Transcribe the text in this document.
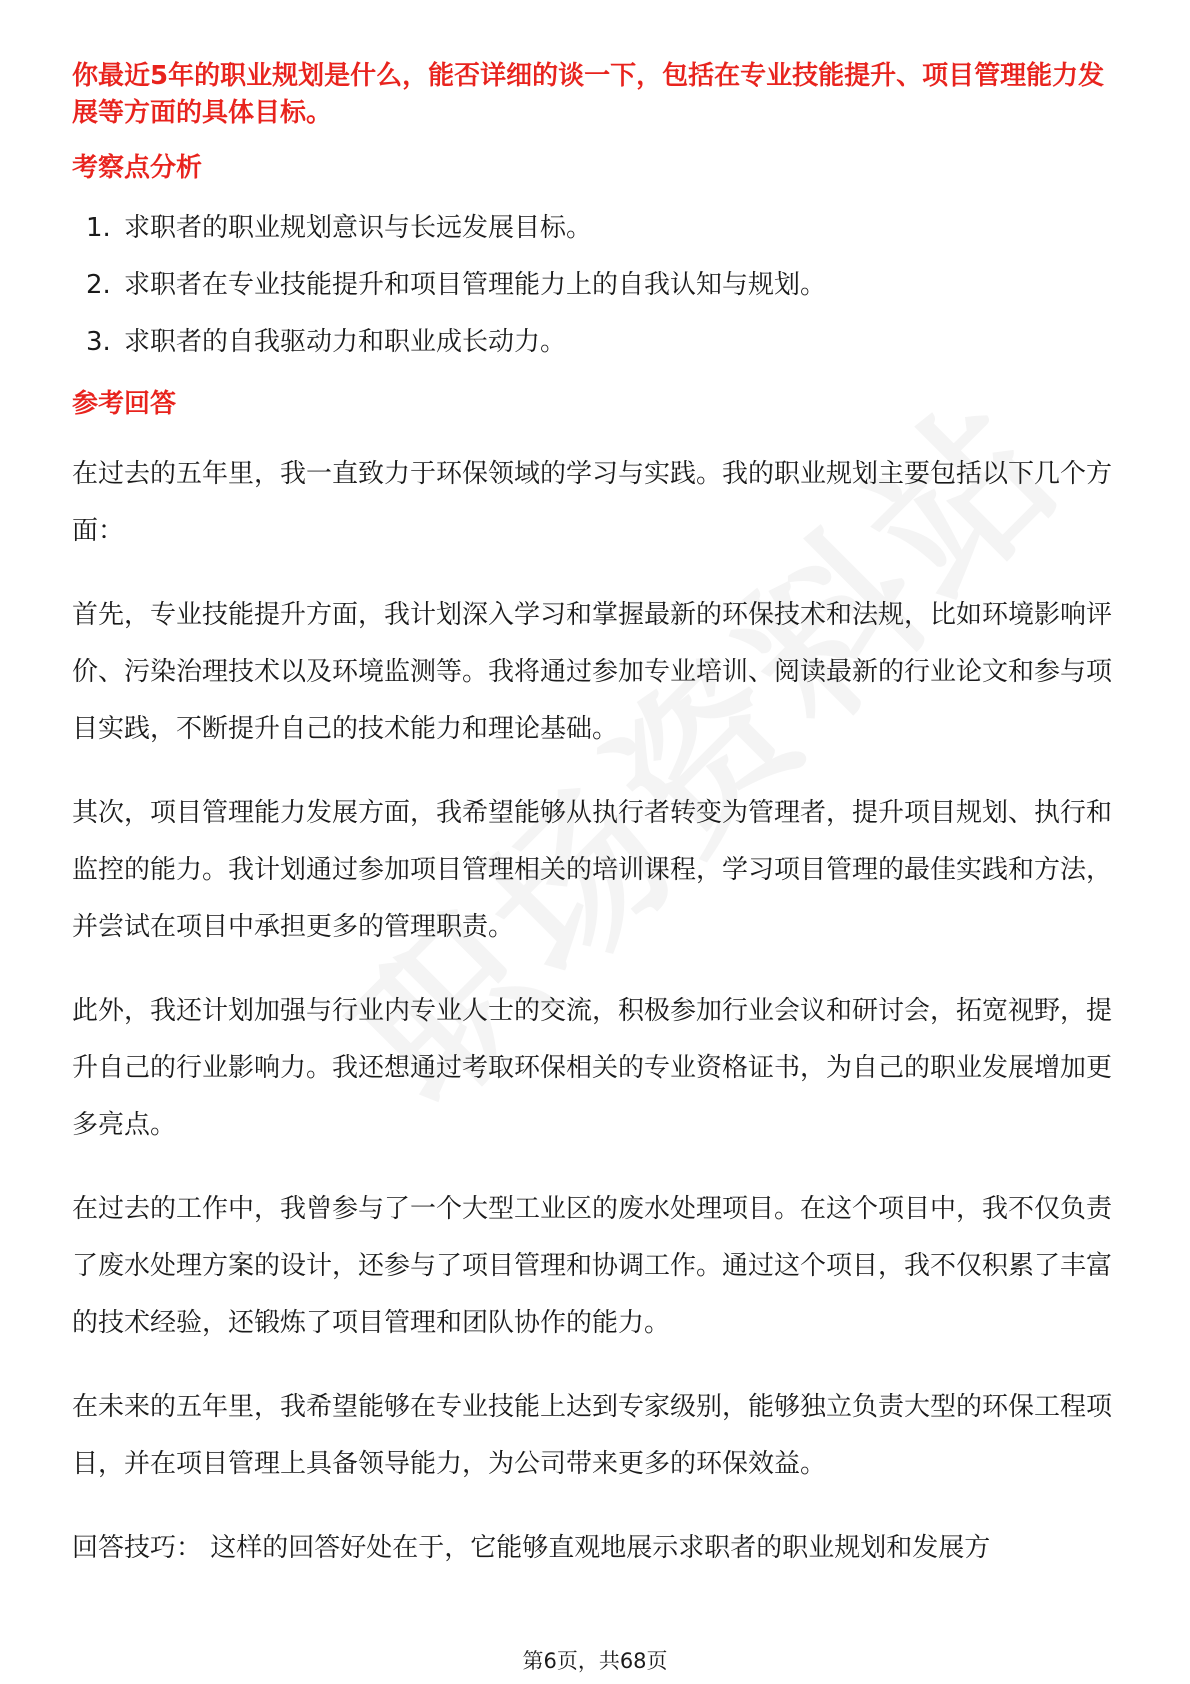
你最近5年的职业规划是什么，能否详细的谈一下，包括在专业技能提升、项目管理能力发展等方面的具体目标。

考察点分析
1. 求职者的职业规划意识与长远发展目标。
2. 求职者在专业技能提升和项目管理能力上的自我认知与规划。
3. 求职者的自我驱动力和职业成长动力。
参考回答

在过去的五年里，我一直致力于环保领域的学习与实践。我的职业规划主要包括以下几个方面：

首先，专业技能提升方面，我计划深入学习和掌握最新的环保技术和法规，比如环境影响评价、污染治理技术以及环境监测等。我将通过参加专业培训、阅读最新的行业论文和参与项目实践，不断提升自己的技术能力和理论基础。

其次，项目管理能力发展方面，我希望能够从执行者转变为管理者，提升项目规划、执行和监控的能力。我计划通过参加项目管理相关的培训课程，学习项目管理的最佳实践和方法，并尝试在项目中承担更多的管理职责。

此外，我还计划加强与行业内专业人士的交流，积极参加行业会议和研讨会，拓宽视野，提升自己的行业影响力。我还想通过考取环保相关的专业资格证书，为自己的职业发展增加更多亮点。

在过去的工作中，我曾参与了一个大型工业区的废水处理项目。在这个项目中，我不仅负责了废水处理方案的设计，还参与了项目管理和协调工作。通过这个项目，我不仅积累了丰富的技术经验，还锻炼了项目管理和团队协作的能力。

在未来的五年里，我希望能够在专业技能上达到专家级别，能够独立负责大型的环保工程项目，并在项目管理上具备领导能力，为公司带来更多的环保效益。

回答技巧： 这样的回答好处在于，它能够直观地展示求职者的职业规划和发展方

第6页，共68页
